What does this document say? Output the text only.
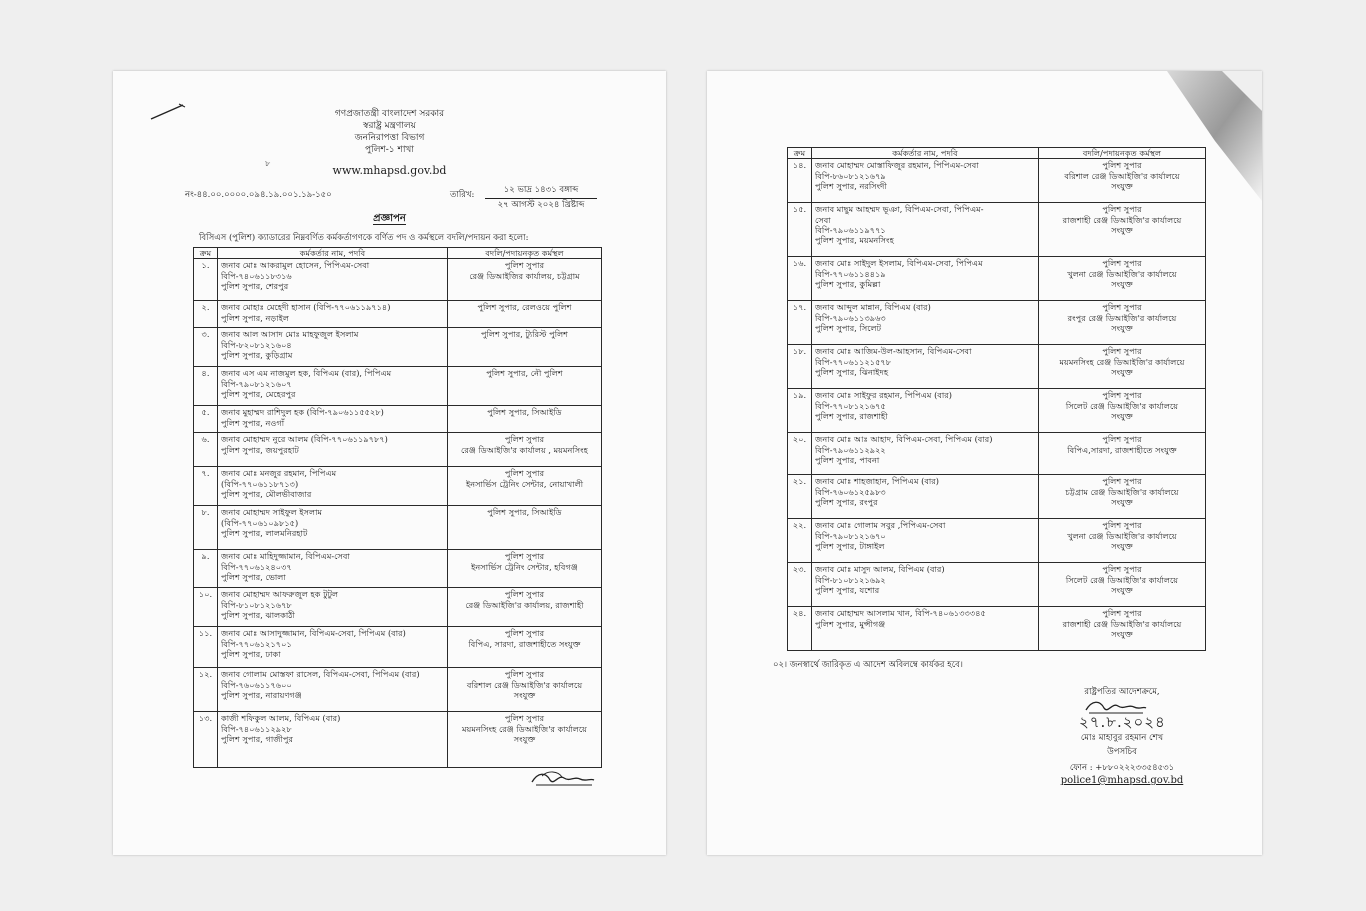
গণপ্রজাতন্ত্রী বাংলাদেশ সরকার
স্বরাষ্ট্র মন্ত্রণালয়
জননিরাপত্তা বিভাগ
পুলিশ-১ শাখা
৮
www.mhapsd.gov.bd
নং-৪৪.০০.০০০০.০৯৪.১৯.০০১.১৯-১৫০	তারিখ:	১২ ভাদ্র ১৪৩১ বঙ্গাব্দ
২৭ আগস্ট ২০২৪ খ্রিষ্টাব্দ
প্রজ্ঞাপন
বিসিএস (পুলিশ) ক্যাডারের নিম্নবর্ণিত কর্মকর্তাগণকে বর্ণিত পদ ও কর্মস্থলে বদলি/পদায়ন করা হলো:
ক্রম	কর্মকর্তার নাম, পদবি	বদলি/পদায়নকৃত কর্মস্থল
১.	জনাব মোঃ আকরামুল হোসেন, পিপিএম-সেবা
বিপি-৭৪০৬১১৮৩১৬
পুলিশ সুপার, শেরপুর	পুলিশ সুপার
রেঞ্জ ডিআইজির কার্যালয়, চট্টগ্রাম

২.	জনাব মোহাঃ মেহেদী হাসান (বিপি-৭৭০৬১১৯৭১৪)
পুলিশ সুপার, নড়াইল	পুলিশ সুপার, রেলওয়ে পুলিশ

৩.	জনাব আল আসাদ মোঃ মাহফুজুল ইসলাম
বিপি-৮২০৮১২১৬০৪
পুলিশ সুপার, কুড়িগ্রাম	পুলিশ সুপার, ট্যুরিস্ট পুলিশ

৪.	জনাব এস এম নাজমুল হক, বিপিএম (বার), পিপিএম
বিপি-৭৯০৮১২১৬০৭
পুলিশ সুপার, মেহেরপুর	পুলিশ সুপার, নৌ পুলিশ

৫.	জনাব মুহাম্মদ রাশিদুল হক (বিপি-৭৯০৬১১৫৫২৮)
পুলিশ সুপার, নওগাঁ	পুলিশ সুপার, সিআইডি

৬.	জনাব মোহাম্মদ নুরে আলম (বিপি-৭৭০৬১১৯৭৮৭)
পুলিশ সুপার, জয়পুরহাট	পুলিশ সুপার
রেঞ্জ ডিআইজি'র কার্যালয় , ময়মনসিংহ

৭.	জনাব মোঃ মনজুর রহমান, পিপিএম
(বিপি-৭৭০৬১১৮৭১৩)
পুলিশ সুপার, মৌলভীবাজার	পুলিশ সুপার
ইনসার্ভিস ট্রেনিং সেন্টার, নোয়াখালী

৮.	জনাব মোহাম্মদ সাইফুল ইসলাম
(বিপি-৭৭০৬১০৯৮১৫)
পুলিশ সুপার, লালমনিরহাট	পুলিশ সুপার, সিআইডি

৯.	জনাব মোঃ মাহিদুজ্জামান, বিপিএম-সেবা
বিপি-৭৭০৬১২৪০৩৭
পুলিশ সুপার, ভোলা	পুলিশ সুপার
ইনসার্ভিস ট্রেনিং সেন্টার, হবিগঞ্জ

১০.	জনাব মোহাম্মদ আফরুজুল হক টুটুল
বিপি-৮১০৮১২১৬৭৮
পুলিশ সুপার, ঝালকাঠী	পুলিশ সুপার
রেঞ্জ ডিআইজি'র কার্যালয়, রাজশাহী

১১.	জনাব মোঃ আসাদুজ্জামান, বিপিএম-সেবা, পিপিএম (বার)
বিপি-৭৭০৬১২১৭০১
পুলিশ সুপার, ঢাকা	পুলিশ সুপার
বিপিএ, সারদা, রাজশাহীতে সংযুক্ত

১২.	জনাব গোলাম মোস্তফা রাসেল, বিপিএম-সেবা, পিপিএম (বার)
বিপি-৭৬০৬১১৭৬০০
পুলিশ সুপার, নারায়ণগঞ্জ	পুলিশ সুপার
বরিশাল রেঞ্জ ডিআইজি'র কার্যালয়ে
সংযুক্ত

১৩.	কাজী শফিকুল আলম, বিপিএম (বার)
বিপি-৭৪০৬১১২৯২৮
পুলিশ সুপার, গাজীপুর	পুলিশ সুপার
ময়মনসিংহ রেঞ্জ ডিআইজি'র কার্যালয়ে
সংযুক্ত
ক্রম	কর্মকর্তার নাম, পদবি	বদলি/পদায়নকৃত কর্মস্থল
১৪.	জনাব মোহাম্মদ মোস্তাফিজুর রহমান, পিপিএম-সেবা
বিপি-৮৬০৮১২১৬৭৯
পুলিশ সুপার, নরসিংদী	পুলিশ সুপার
বরিশাল রেঞ্জ ডিআইজি'র কার্যালয়ে
সংযুক্ত

১৫.	জনাব মাছুম আহম্মদ ভূঞা, বিপিএম-সেবা, পিপিএম-
সেবা
বিপি-৭৯০৬১১৯৭৭১
পুলিশ সুপার, ময়মনসিংহ	পুলিশ সুপার
রাজশাহী রেঞ্জ ডিআইজি'র কার্যালয়ে
সংযুক্ত

১৬.	জনাব মোঃ সাইদুল ইসলাম, বিপিএম-সেবা, পিপিএম
বিপি-৭৭০৬১১৪৪১৯
পুলিশ সুপার, কুমিল্লা	পুলিশ সুপার
খুলনা রেঞ্জ ডিআইজি'র কার্যালয়ে
সংযুক্ত

১৭.	জনাব আব্দুল মান্নান, বিপিএম (বার)
বিপি-৭৯০৬১১৩৯৬৩
পুলিশ সুপার, সিলেট	পুলিশ সুপার
রংপুর রেঞ্জ ডিআইজি'র কার্যালয়ে
সংযুক্ত

১৮.	জনাব মোঃ আজিম-উল-আহসান, বিপিএম-সেবা
বিপি-৭৭০৬১১২১৫৭৮
পুলিশ সুপার, ঝিনাইদহ	পুলিশ সুপার
ময়মনসিংহ রেঞ্জ ডিআইজি'র কার্যালয়ে
সংযুক্ত

১৯.	জনাব মোঃ সাইফুর রহমান, পিপিএম (বার)
বিপি-৭৭০৮১২১৬৭৫
পুলিশ সুপার, রাজশাহী	পুলিশ সুপার
সিলেট রেঞ্জ ডিআইজি'র কার্যালয়ে
সংযুক্ত

২০.	জনাব মোঃ আঃ আহাদ, বিপিএম-সেবা, পিপিএম (বার)
বিপি-৭৯০৬১১২৯২২
পুলিশ সুপার, পাবনা	পুলিশ সুপার
বিপিএ,সারদা, রাজশাহীতে সংযুক্ত

২১.	জনাব মোঃ শাহজাহান, পিপিএম (বার)
বিপি-৭৬০৬১২৫৯৮৩
পুলিশ সুপার, রংপুর	পুলিশ সুপার
চট্টগ্রাম রেঞ্জ ডিআইজি'র কার্যালয়ে
সংযুক্ত

২২.	জনাব মোঃ গোলাম সবুর ,পিপিএম-সেবা
বিপি-৭৯০৮১২১৬৭০
পুলিশ সুপার, টাঙ্গাইল	পুলিশ সুপার
খুলনা রেঞ্জ ডিআইজি'র কার্যালয়ে
সংযুক্ত

২৩.	জনাব মোঃ মাসুদ আলম, বিপিএম (বার)
বিপি-৮১০৮১২১৬৯২
পুলিশ সুপার, যশোর	পুলিশ সুপার
সিলেট রেঞ্জ ডিআইজি'র কার্যালয়ে
সংযুক্ত

২৪.	জনাব মোহাম্মদ আসলাম খান, বিপি-৭৪০৬১৩৩৩৪৫
পুলিশ সুপার, মুন্সীগঞ্জ	পুলিশ সুপার
রাজশাহী রেঞ্জ ডিআইজি'র কার্যালয়ে
সংযুক্ত
০২। জনস্বার্থে জারিকৃত এ আদেশ অবিলম্বে কার্যকর হবে।
রাষ্ট্রপতির আদেশক্রমে,
২৭.৮.২০২৪
মোঃ মাহাবুর রহমান শেখ
উপসচিব
ফোন : +৮৮০২২২৩৩৫৪৫৩১
police1@mhapsd.gov.bd
